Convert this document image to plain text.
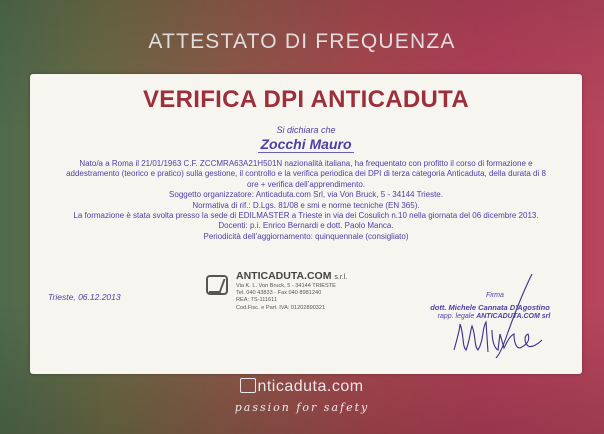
ATTESTATO DI FREQUENZA
VERIFICA DPI ANTICADUTA
Si dichiara che
Zocchi Mauro
Nato/a a Roma il 21/01/1963 C.F. ZCCMRA63A21H501N nazionalità italiana, ha frequentato con profitto il corso di formazione e
addestramento (teorico e pratico) sulla gestione, il controllo e la verifica periodica dei DPI di terza categoria Anticaduta, della durata di 8
ore + verifica dell’apprendimento.
Soggetto organizzatore: Anticaduta.com Srl, via Von Bruck, 5 - 34144 Trieste.
Normativa di rif.: D.Lgs. 81/08 e smi e norme tecniche (EN 365).
La formazione è stata svolta presso la sede di EDILMASTER a Trieste in via dei Cosulich n.10 nella giornata del 06 dicembre 2013.
Docenti: p.i. Enrico Bernardi e dott. Paolo Manca.
Periodicità dell’aggiornamento: quinquennale (consigliato)
Trieste, 06.12.2013
ANTICADUTA.COM s.r.l.
Via K. L. Von Bruck, 5 - 34144 TRIESTE
Tel. 040 43833 - Fax 040 8981240
REA: TS-111611
Cod.Fisc. e Part. IVA: 01202890321
Firma
dott. Michele Cannata D’Agostino
rapp. legale ANTICADUTA.COM srl
nticaduta.com
passion for safety
